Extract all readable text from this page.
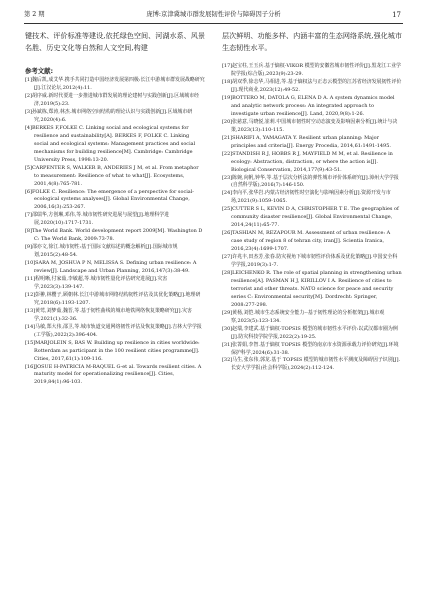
第 2 期	庞博:京津冀城市群发展韧性评价与障碍因子分析	17

键技术、评价标准等建设,依托绿色空间、河湖水系、风景名胜、历史文化等自然和人文空间,构建

参考文献:

[1]魏后凯,成艾华.携手共同打造中国经济发展第四极:长江中游城市群发展战略研究[J].江汉论坛,2012(4):11.

[2]胡序威.新时代要进一步推进城市群发展的理论建树与实践创新[J].区域城市经济,2019(5):23.

[3]孙斌栋,郑涛,林杰.城市网络空间结构的理论认识与实践创新[J].区域城市研究,2020(4):6.

[4]BERKES F,FOLKE C. Linking social and ecological systems for resilience and sustainability[A]. BERKES F, FOLKE C. Linking social and ecological systems: Management practices and social mechanisms for building resilience[M]. Cambridge: Cambridge University Press, 1998:13-20.

[5]CARPENTER S, WALKER B, ANDERIES J M, et al. From metaphor to measurement: Resilience of what to what[J]. Ecosystems, 2001,4(8):765-781.

[6]FOLKE C. Resilience: The emergence of a perspective for social-ecological systems analyses[J]. Global Environmental Change, 2006,16(3):253-267.

[7]邵瑞华,方创琳,邓伟,等.城市韧性研究进展与展望[J].地理科学进展,2020(10):1717-1731.

[8]The World Bank. World development report 2009[M]. Washington D C: The World Bank, 2009:73-78.

[9]邵亦文,徐江.城市韧性:基于国际文献综述的概念解析[J].国际城市规划,2015(2):48-54.

[10]SARA M, JOSHUA P N, MELISSA S. Defining urban resilience: A review[J]. Landscape and Urban Planning, 2016,147(3):38-49.

[11]程明晰,付家茹,李敏超,等.城市韧性量化评估研究进展[J].灾害学,2023(3):139-147.

[12]彭翀,林樱子,顾朝林.长江中游城市网络结构韧性评估及其优化策略[J].地理研究,2018(6):1193-1207.

[13]黄莺,刘梦茹,魏晋,等.基于韧性曲线的城市地铁网络恢复策略研究[J].灾害学,2021(1):32-36.

[14]马敏,郑大伟,邵卫,等.城市轨道交通网络韧性评估及恢复策略[J].吉林大学学报(工学版),2022(2):396-404.

[15]MARJOLEIN S, BAS W. Building up resilience in cities worldwide: Rotterdam as participant in the 100 resilient cities programme[J]. Cities, 2017,61(1):109-116.

[16]JOSUE H-PATRICIA M-RAQUEL G-et al. Towards resilient cities. A maturity model for operationalizing resilience[J]. Cities, 2019,84(1):96-103.

层次鲜明、功能多样、内涵丰富的生态网络系统,强化城市生态韧性水平。

[17]赵宝柱,王玉兵.基于熵权-VIKOR 模型的安徽省城市韧性评价[J].黑龙江工业学院学报(综合版),2023(9):23-29.

[18]胡双季,徐志华,马相进,等.基于熵权法与正态云模型的江苏省经济发展韧性评价[J].现代商业,2023(12):49-52.

[19]BOTTERO M, DATOLA G, ELENA D A. A system dynamics model and analytic network process: An integrated approach to investigate urban resilience[J]. Land, 2020,9(8):1-26.

[20]张慈意,马晓悦,崔莉.中国城市韧性时空动态演变及影响因素分析[J].统计与决策,2023(13):110-115.

[21]SHARIFI A, YAMAGATA Y. Resilient urban planning: Major principles and criteria[J]. Energy Procedia, 2014,61:1491-1495.

[22]STANDISH R J, HOBBS R J, MAYFIELD M M, et al. Resilience in ecology: Abstraction, distraction, or where the action is[J]. Biological Conservation, 2014,177(9):43-51.

[23]陈婉,向帆,钟华,等.基于层次分析法的弹性城市评价体系研究[J].漳州大学学报(自然科学版),2016(7):146-150.

[24]李向平,张华岩.内蒙古经济韧性时空演化与影响因素分析[J].资源开发与市场,2021(9):1059-1065.

[25]CUTTER S L, KEVIN D A, CHRISTOPHER T E. The geographies of community disaster resilience[J]. Global Environmental Change, 2014,24(11):65-77.

[26]TASHIAN M, REZAPOUR M. Assessment of urban resilience: A case study of region 8 of tehran city, iran[J]. Scientia Iranica, 2016,23(4):1699-1707.

[27]许兆丰,田杰芳,张春.防灾视角下城市韧性评价体系及优化策略[J].中国安全科学学报,2019(3):1-7.

[28]LEICHENKO R. The role of spatial planning in strengthening urban resilience[A]. PASMAN H J, KIRILLOV I A. Resilience of cities to terrorist and other threats. NATO science for peace and security series C: Environmental security[M]. Dordrecht: Springer, 2008:277-298.

[29]黄杨,刘恺.城市生态系统安全能力--基于韧性理论的分析框架[J].城市观察,2023(5):123-134.

[30]赵瑞,李建武.基于熵权-TOPSIS 模型的城市韧性水平评价:以武汉都市圈为例[J].防灾科技学院学报,2022(2):19-25.

[31]张箐娟,李智.基于熵权 TOPSIS 模型的南京市水资源承载力评价研究[J].环境保护科学,2024(6):31-38.

[32]马生,张东伟,郭龙.基于 TOPSIS 模型的城市韧性水平测度及障碍因子识别[J].长安大学学报(社会科学版),2024(2):112-124.
